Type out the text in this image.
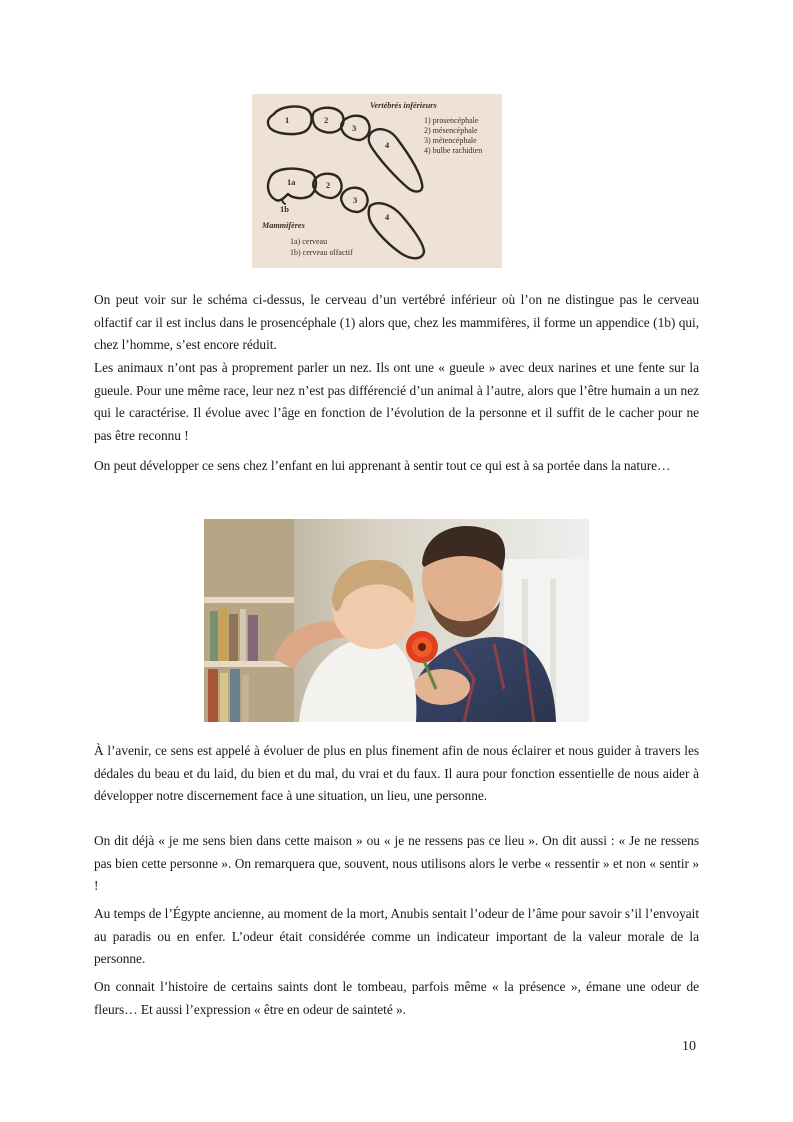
1	2
3
4
1a	2
3
4
1b
Vertébrés inférieurs
1) prosencéphale
2) mésencéphale
3) métencéphale
4) bulbe rachidien
Mammifères
1a) cerveau
1b) cerveau olfactif

On peut voir sur le schéma ci-dessus, le cerveau d’un vertébré inférieur où l’on ne distingue pas le cerveau olfactif car il est inclus dans le prosencéphale (1) alors que, chez les mammifères, il forme un appendice (1b) qui, chez l’homme, s’est encore réduit.

Les animaux n’ont pas à proprement parler un nez. Ils ont une « gueule » avec deux narines et une fente sur la gueule. Pour une même race, leur nez n’est pas différencié d’un animal à l’autre, alors que l’être humain a un nez qui le caractérise. Il évolue avec l’âge en fonction de l’évolution de la personne et il suffit de le cacher pour ne pas être reconnu !

On peut développer ce sens chez l’enfant en lui apprenant à sentir tout ce qui est à sa portée dans la nature…

À l’avenir, ce sens est appelé à évoluer de plus en plus finement afin de nous éclairer et nous guider à travers les dédales du beau et du laid, du bien et du mal, du vrai et du faux. Il aura pour fonction essentielle de nous aider à développer notre discernement face à une situation, un lieu, une personne.

On dit déjà « je me sens bien dans cette maison » ou « je ne ressens pas ce lieu ». On dit aussi : « Je ne ressens pas bien cette personne ». On remarquera que, souvent, nous utilisons alors le verbe « ressentir » et non « sentir » !

Au temps de l’Égypte ancienne, au moment de la mort, Anubis sentait l’odeur de l’âme pour savoir s’il l’envoyait au paradis ou en enfer. L’odeur était considérée comme un indicateur important de la valeur morale de la personne.

On connait l’histoire de certains saints dont le tombeau, parfois même « la présence », émane une odeur de fleurs… Et aussi l’expression « être en odeur de sainteté ».

10
